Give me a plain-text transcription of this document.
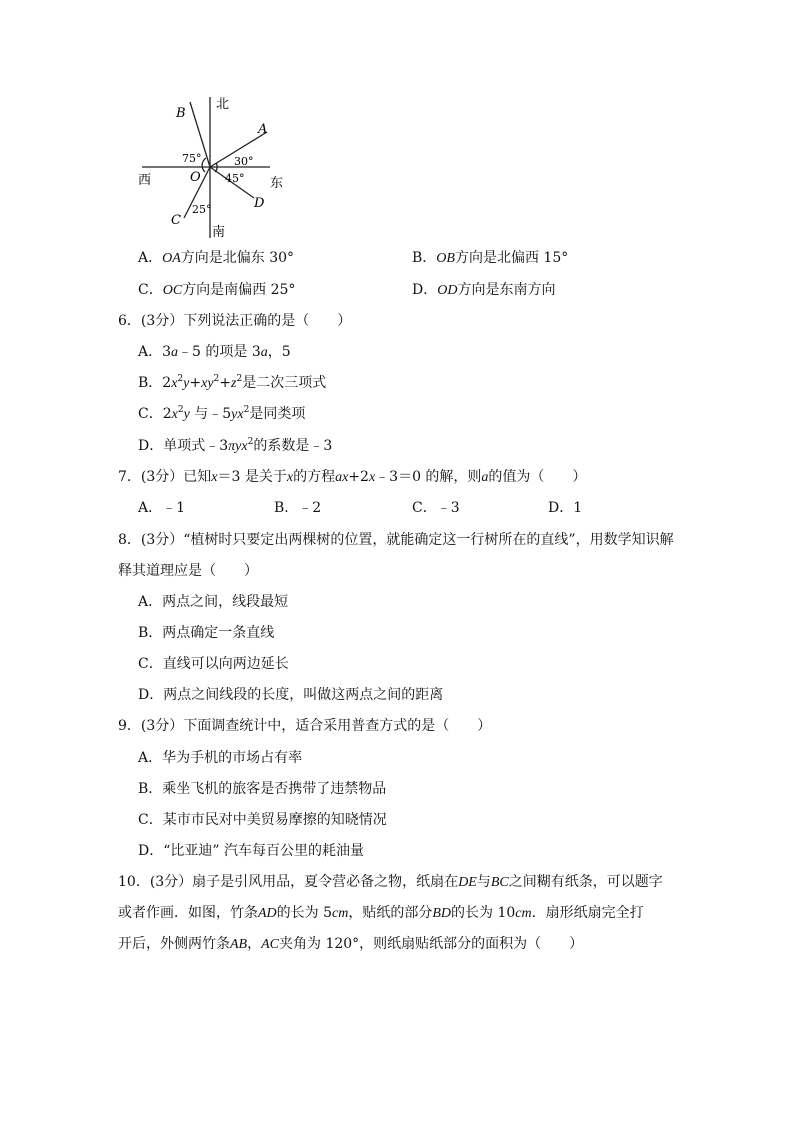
北
南
西	东
O
A
B
C
D
75°	30°
45°
25°
A．OA方向是北偏东 30°	B．OB方向是北偏西 15°
C．OC方向是南偏西 25°	D．OD方向是东南方向
6．(3分）下列说法正确的是（　　）
A．3a﹣5 的项是 3a，5
B．$2x^2y+xy^2+z^2$是二次三项式
C．$2x^2y$ 与$﹣5yx^2$是同类项
D．单项式﹣3πyx$^2$的系数是﹣3
7．(3分）已知x＝3 是关于x的方程ax+2x﹣3＝0 的解，则a的值为（　　）
A．﹣1	B．﹣2	C．﹣3	D．1
8．(3分）“植树时只要定出两棵树的位置，就能确定这一行树所在的直线”，用数学知识解
释其道理应是（　　）
A．两点之间，线段最短
B．两点确定一条直线
C．直线可以向两边延长
D．两点之间线段的长度，叫做这两点之间的距离
9．(3分）下面调查统计中，适合采用普查方式的是（　　）
A．华为手机的市场占有率
B．乘坐飞机的旅客是否携带了违禁物品
C．某市市民对中美贸易摩擦的知晓情况
D．“比亚迪” 汽车每百公里的耗油量
10．(3分）扇子是引风用品，夏令营必备之物，纸扇在DE与BC之间糊有纸条，可以题字
或者作画．如图，竹条AD的长为 5cm，贴纸的部分BD的长为 10cm．扇形纸扇完全打
开后，外侧两竹条AB，AC夹角为 120°，则纸扇贴纸部分的面积为（　　）
